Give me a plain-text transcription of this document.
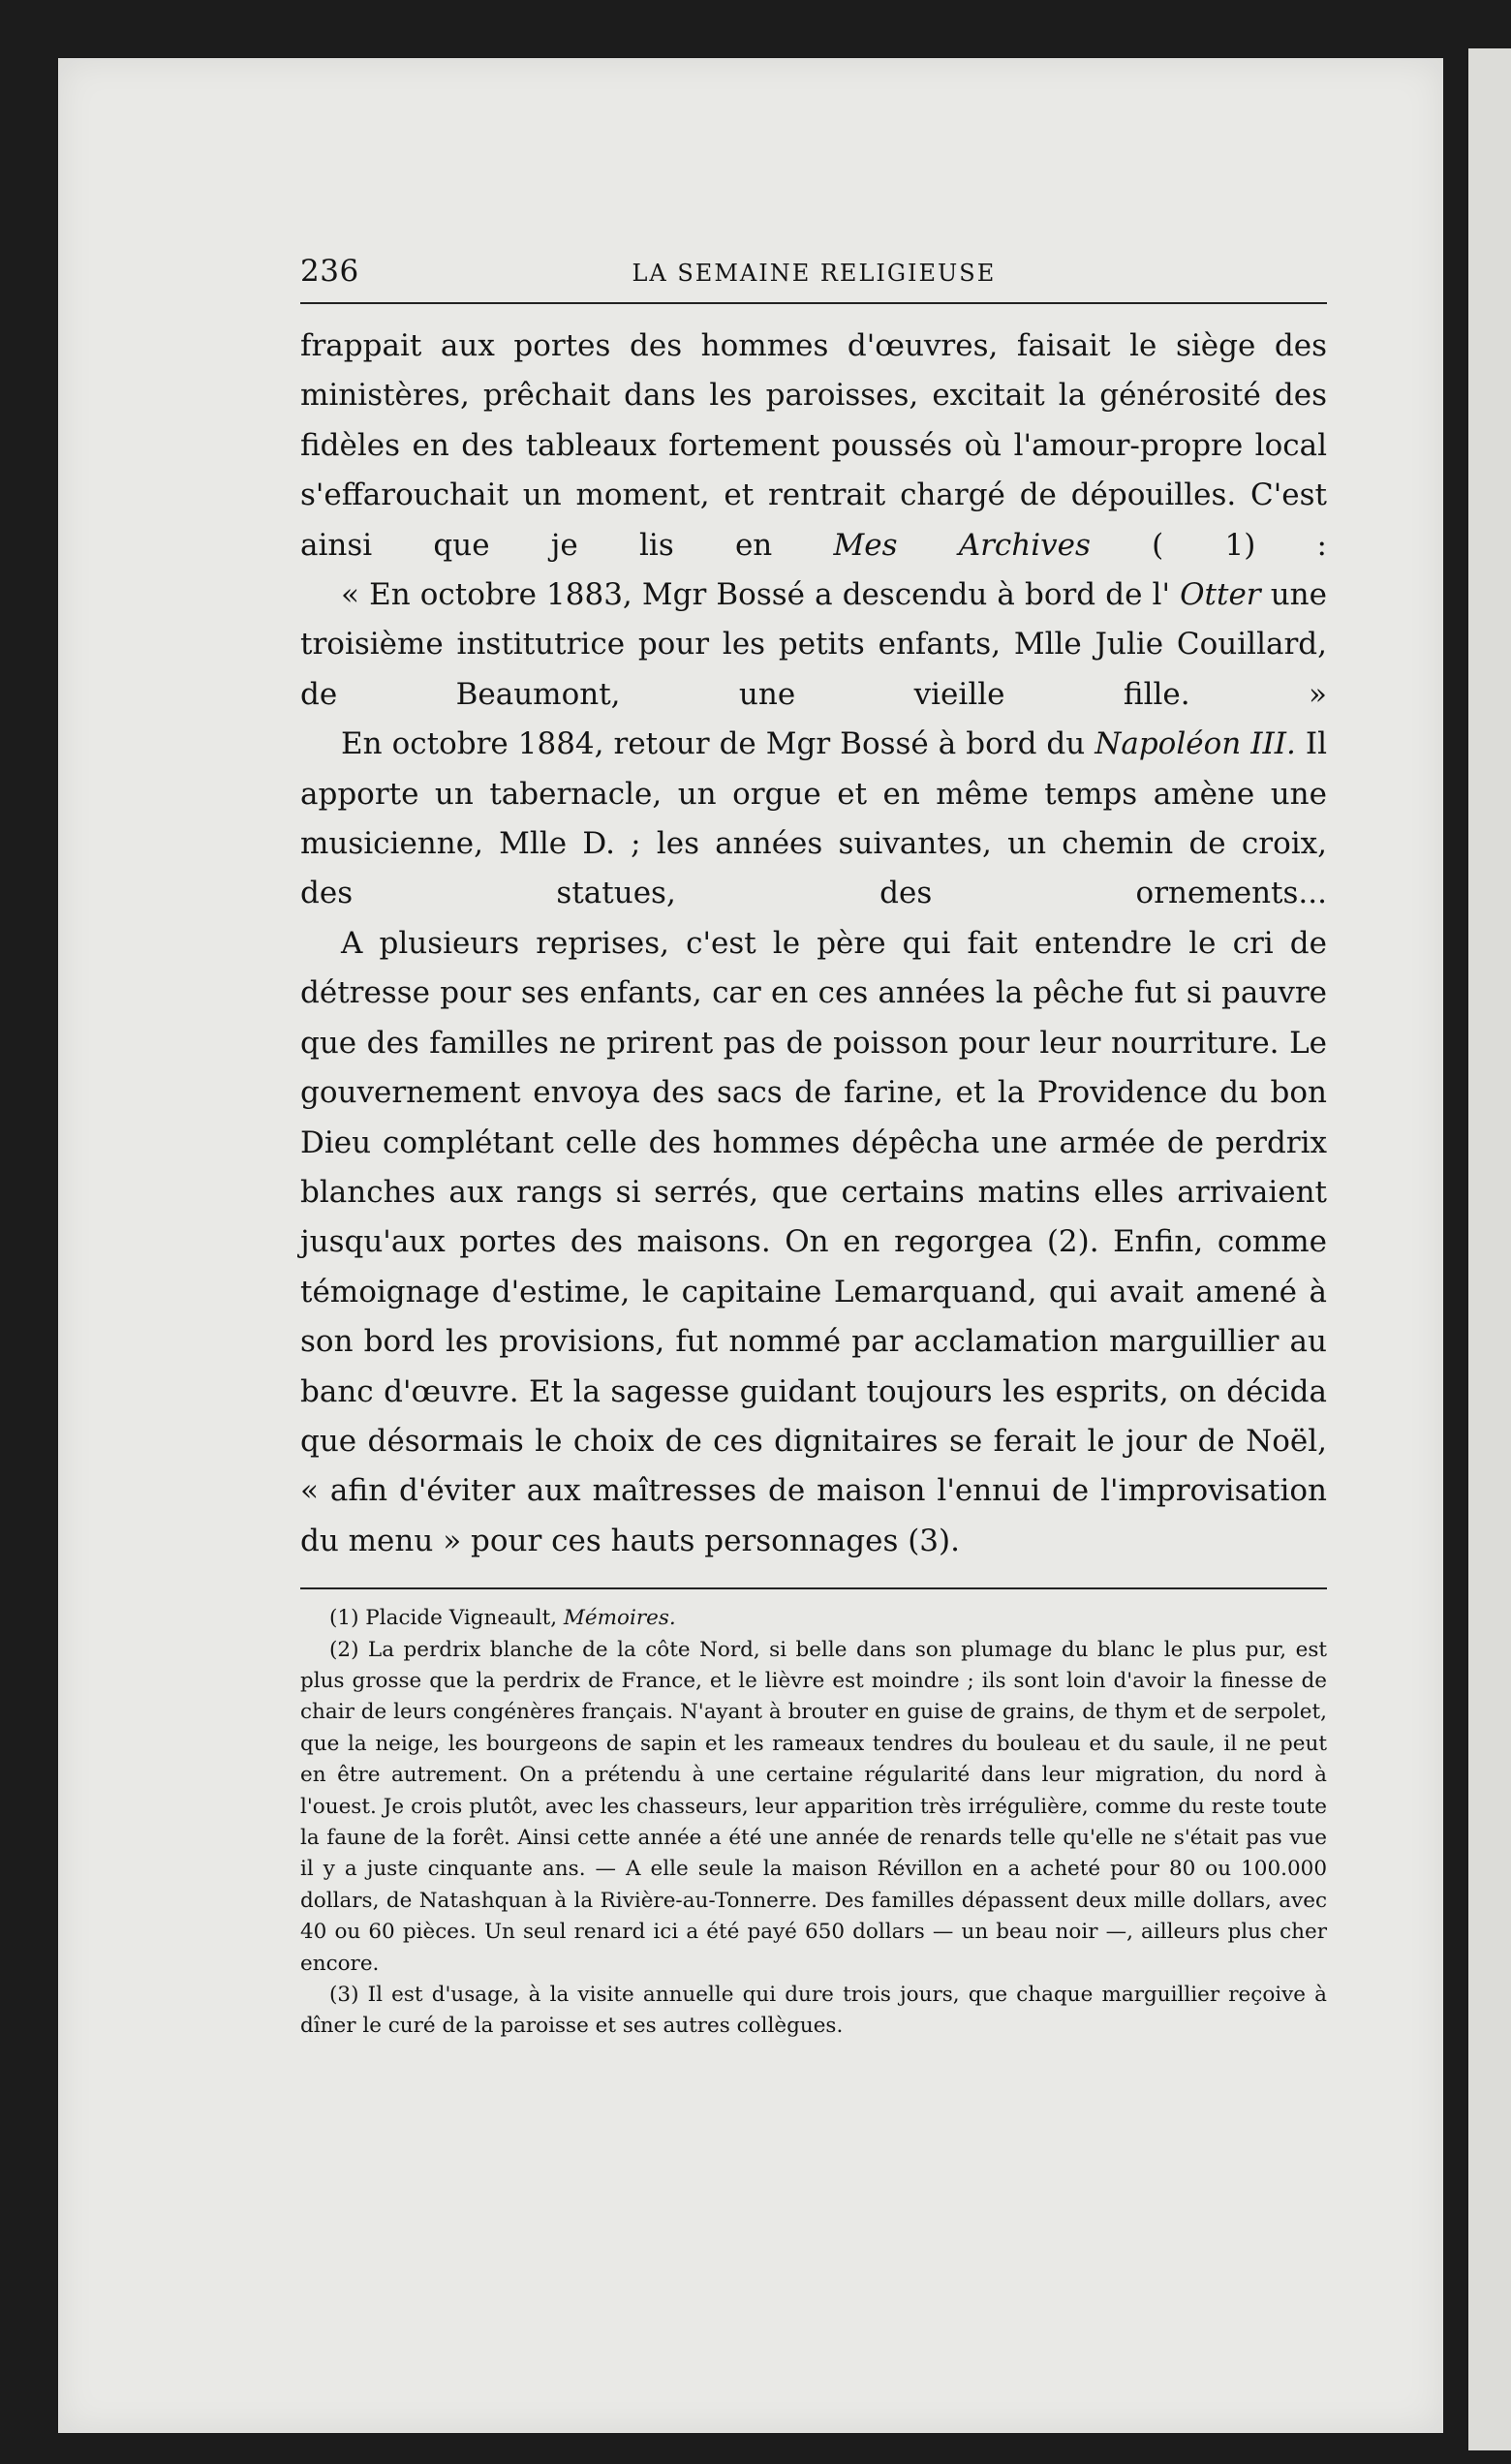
236	LA SEMAINE RELIGIEUSE

frappait aux portes des hommes d'œuvres, faisait le siège des ministères, prêchait dans les paroisses, excitait la générosité des fidèles en des tableaux fortement poussés où l'amour-propre local s'effarouchait un moment, et rentrait chargé de dépouilles. C'est ainsi que je lis en Mes Archives ( 1) :

« En octobre 1883, Mgr Bossé a descendu à bord de l' Otter une troisième institutrice pour les petits enfants, Mlle Julie Couillard, de Beaumont, une vieille fille. »

En octobre 1884, retour de Mgr Bossé à bord du Napoléon III. Il apporte un tabernacle, un orgue et en même temps amène une musicienne, Mlle D. ; les années suivantes, un chemin de croix, des statues, des ornements...

A plusieurs reprises, c'est le père qui fait entendre le cri de détresse pour ses enfants, car en ces années la pêche fut si pauvre que des familles ne prirent pas de poisson pour leur nourriture. Le gouvernement envoya des sacs de farine, et la Providence du bon Dieu complétant celle des hommes dépêcha une armée de perdrix blanches aux rangs si serrés, que certains matins elles arrivaient jusqu'aux portes des maisons. On en regorgea (2). Enfin, comme témoignage d'estime, le capitaine Lemarquand, qui avait amené à son bord les provisions, fut nommé par acclamation marguillier au banc d'œuvre. Et la sagesse guidant toujours les esprits, on décida que désormais le choix de ces dignitaires se ferait le jour de Noël, « afin d'éviter aux maîtresses de maison l'ennui de l'improvisation du menu » pour ces hauts personnages (3).

(1) Placide Vigneault, Mémoires.

(2) La perdrix blanche de la côte Nord, si belle dans son plumage du blanc le plus pur, est plus grosse que la perdrix de France, et le lièvre est moindre ; ils sont loin d'avoir la finesse de chair de leurs congénères français. N'ayant à brouter en guise de grains, de thym et de serpolet, que la neige, les bourgeons de sapin et les rameaux tendres du bouleau et du saule, il ne peut en être autrement. On a prétendu à une certaine régularité dans leur migration, du nord à l'ouest. Je crois plutôt, avec les chasseurs, leur apparition très irrégulière, comme du reste toute la faune de la forêt. Ainsi cette année a été une année de renards telle qu'elle ne s'était pas vue il y a juste cinquante ans. — A elle seule la maison Révillon en a acheté pour 80 ou 100.000 dollars, de Natashquan à la Rivière-au-Tonnerre. Des familles dépassent deux mille dollars, avec 40 ou 60 pièces. Un seul renard ici a été payé 650 dollars — un beau noir —, ailleurs plus cher encore.

(3) Il est d'usage, à la visite annuelle qui dure trois jours, que chaque marguillier reçoive à dîner le curé de la paroisse et ses autres collègues.
